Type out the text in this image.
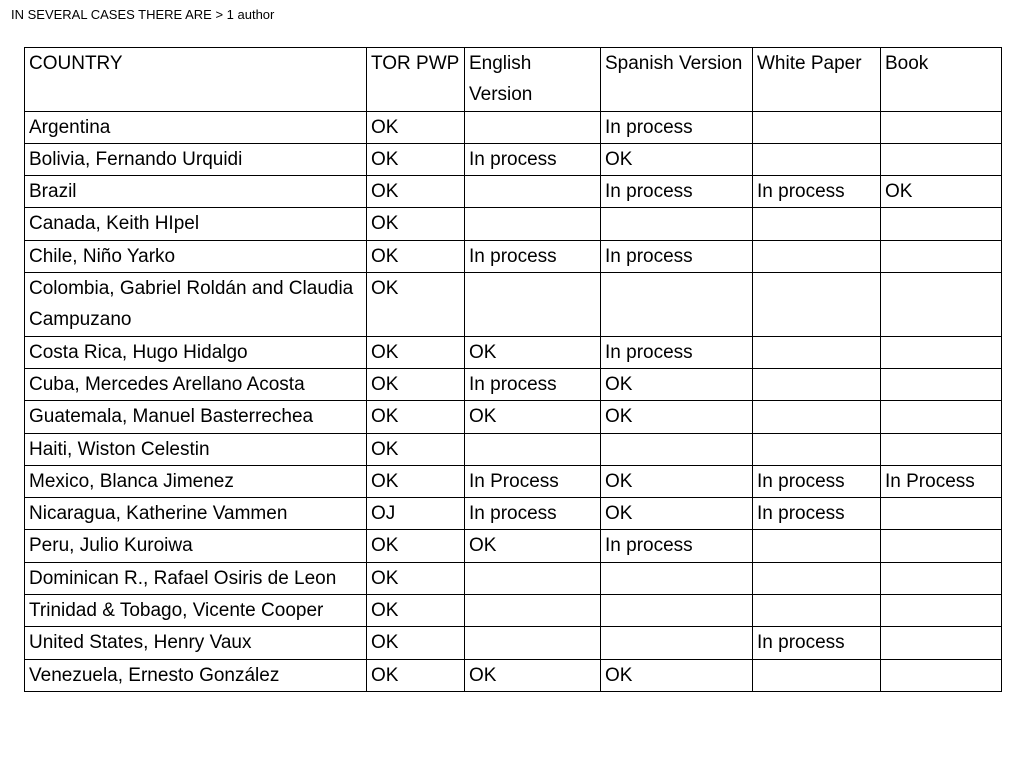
IN SEVERAL CASES THERE ARE > 1 author
COUNTRY	TOR PWP	English Version	Spanish Version	White Paper	Book
Argentina	OK		In process		
Bolivia, Fernando Urquidi	OK	In process	OK		
Brazil	OK		In process	In process	OK
Canada, Keith HIpel	OK				
Chile, Niño Yarko	OK	In process	In process		
Colombia, Gabriel Roldán and Claudia Campuzano	OK				
Costa Rica, Hugo Hidalgo	OK	OK	In process		
Cuba, Mercedes Arellano Acosta	OK	In process	OK		
Guatemala, Manuel Basterrechea	OK	OK	OK		
Haiti, Wiston Celestin	OK				
Mexico, Blanca Jimenez	OK	In Process	OK	In process	In Process
Nicaragua, Katherine Vammen	OJ	In process	OK	In process	
Peru, Julio Kuroiwa	OK	OK	In process		
Dominican R., Rafael Osiris de Leon	OK				
Trinidad & Tobago, Vicente Cooper	OK				
United States, Henry Vaux	OK			In process	
Venezuela, Ernesto González	OK	OK	OK		
